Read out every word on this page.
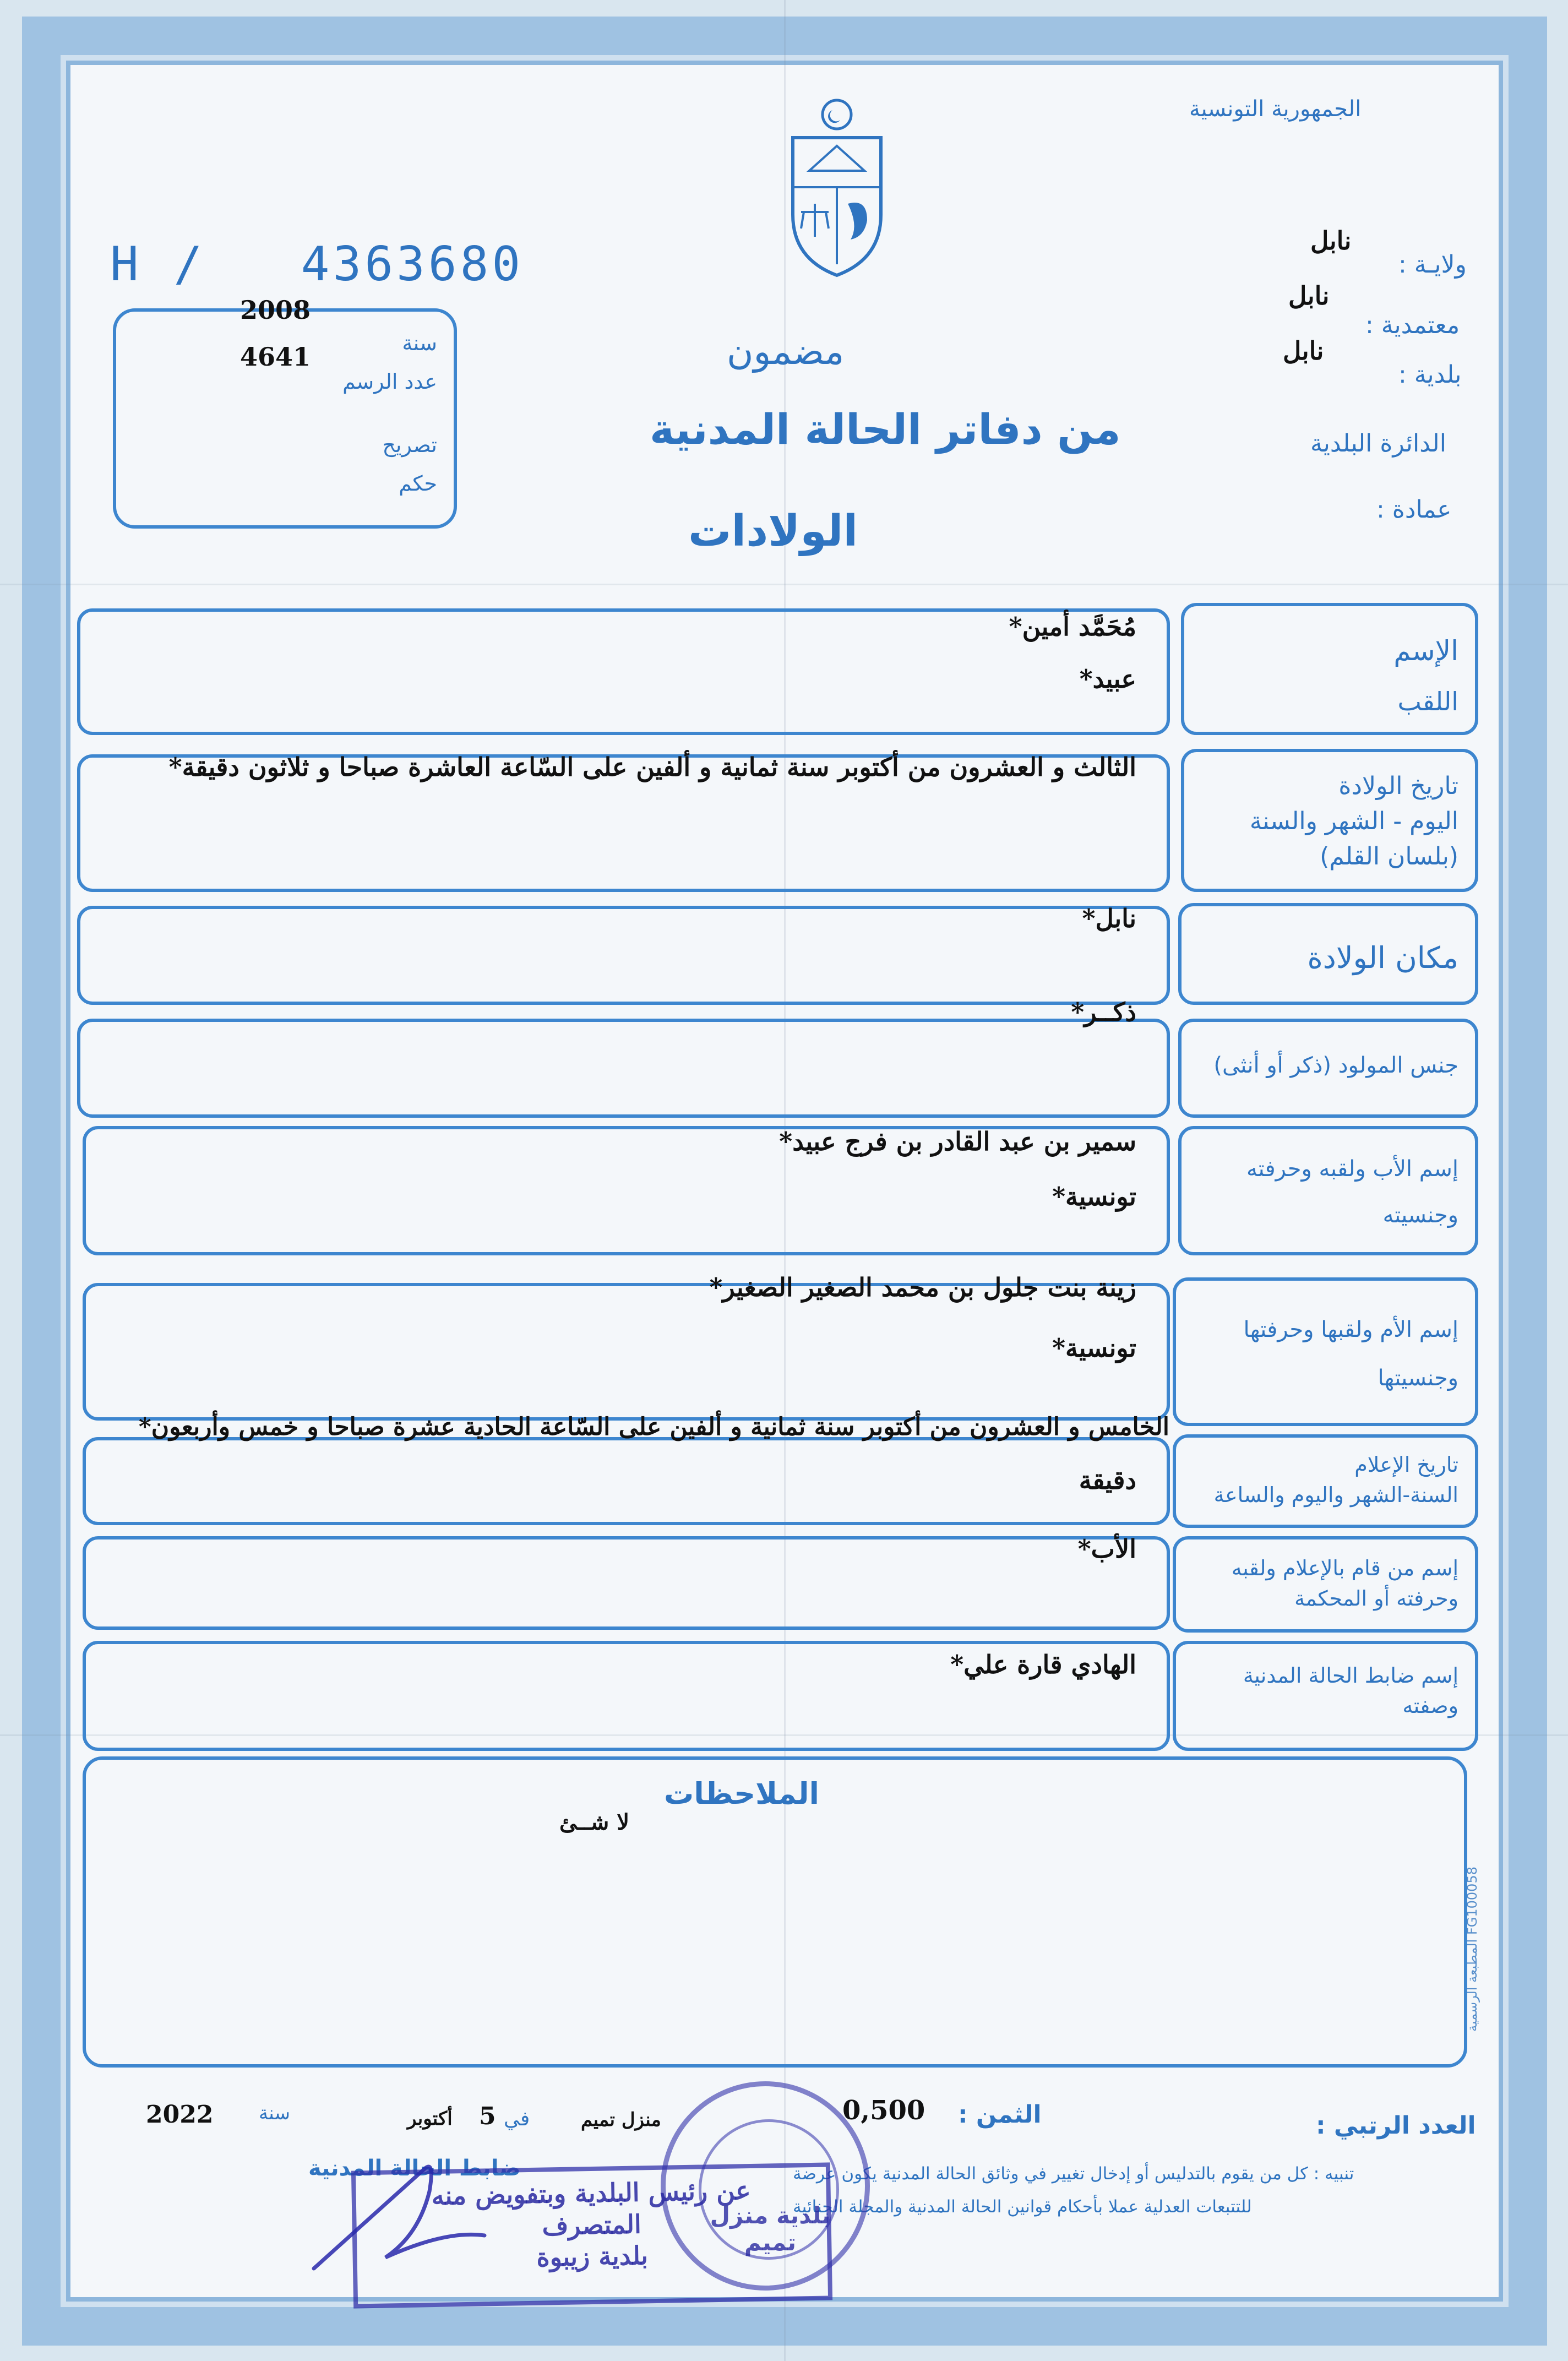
الجمهورية التونسية
H / 4363680
سنة
2008
عدد الرسم
4641
تصريح
حكم
ولايـة :
نابل
معتمدية :
نابل
بلدية :
نابل
الدائرة البلدية
عمادة :
مضمون
من دفاتر الحالة المدنية
الولادات
مُحَمَّد أمين*
عبيد*
الإسم
اللقب
الثالث و العشرون من أكتوبر سنة ثمانية و ألفين على السّاعة العاشرة صباحا و ثلاثون دقيقة*
تاريخ الولادة
اليوم - الشهر والسنة
(بلسان القلم)
نابل*
مكان الولادة
ذكــر*
جنس المولود (ذكر أو أنثى)
سمير بن عبد القادر بن فرج عبيد*
تونسية*
إسم الأب ولقبه وحرفته
وجنسيته
زينة بنت جلول بن محمد الصغير الصغير*
تونسية*
إسم الأم ولقبها وحرفتها
وجنسيتها
الخامس و العشرون من أكتوبر سنة ثمانية و ألفين على السّاعة الحادية عشرة صباحا و خمس وأربعون*
دقيقة
تاريخ الإعلام
السنة-الشهر واليوم والساعة
الأب*
إسم من قام بالإعلام ولقبه
وحرفته أو المحكمة
الهادي قارة علي*	إسم ضابط الحالة المدنية
وصفته
الملاحظات
لا شــئ
المطبعة الرسمية FG100058
العدد الرتبي :
الثمن :
0,500
منزل تميم
في
5
أكتوبر
سنة
2022
تنبيه : كل من يقوم بالتدليس أو إدخال تغيير في وثائق الحالة المدنية يكون عرضة
للتتبعات العدلية عملا بأحكام قوانين الحالة المدنية والمجلة الجنائية
ضابط الحالة المدنية
بلدية منزل تميم
عن رئيس البلدية وبتفويض منه
المتصرف
بلدية زيبوة
